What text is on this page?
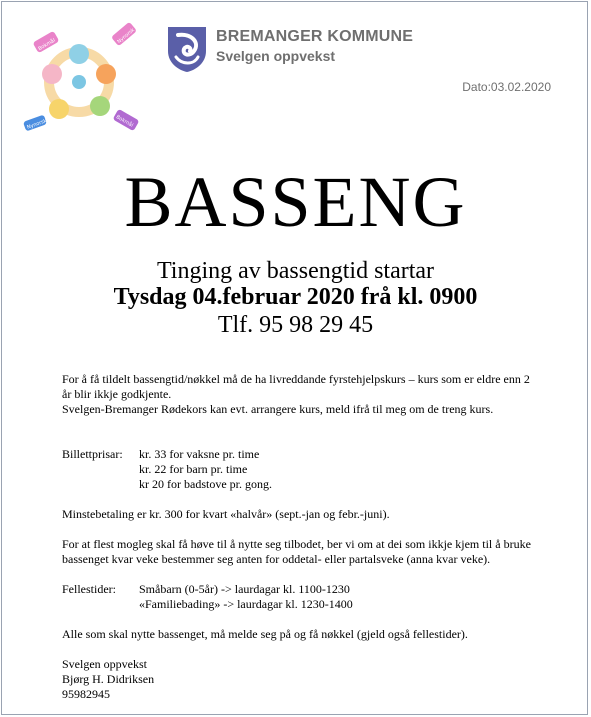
Bokmål	Nynorsk
Bokmål
Nynorsk
BREMANGER KOMMUNE
Svelgen oppvekst
Dato:03.02.2020
BASSENG
Tinging av bassengtid startar
Tysdag 04.februar 2020 frå kl. 0900
Tlf. 95 98 29 45

For å få tildelt bassengtid/nøkkel må de ha livreddande fyrstehjelpskurs – kurs som er eldre enn 2 år blir ikkje godkjente.

Svelgen-Bremanger Rødekors kan evt. arrangere kurs, meld ifrå til meg om de treng kurs.

Billettprisar:	kr. 33 for vaksne pr. time
kr. 22 for barn pr. time
kr 20 for badstove pr. gong.

Minstebetaling er kr. 300 for kvart «halvår» (sept.-jan og febr.-juni).

For at flest mogleg skal få høve til å nytte seg tilbodet, ber vi om at dei som ikkje kjem til å bruke bassenget kvar veke bestemmer seg anten for oddetal- eller partalsveke (anna kvar veke).

Fellestider:	Småbarn (0-5år) -> laurdagar kl. 1100-1230
«Familiebading» -> laurdagar kl. 1230-1400

Alle som skal nytte bassenget, må melde seg på og få nøkkel (gjeld også fellestider).

Svelgen oppvekst

Bjørg H. Didriksen

95982945
